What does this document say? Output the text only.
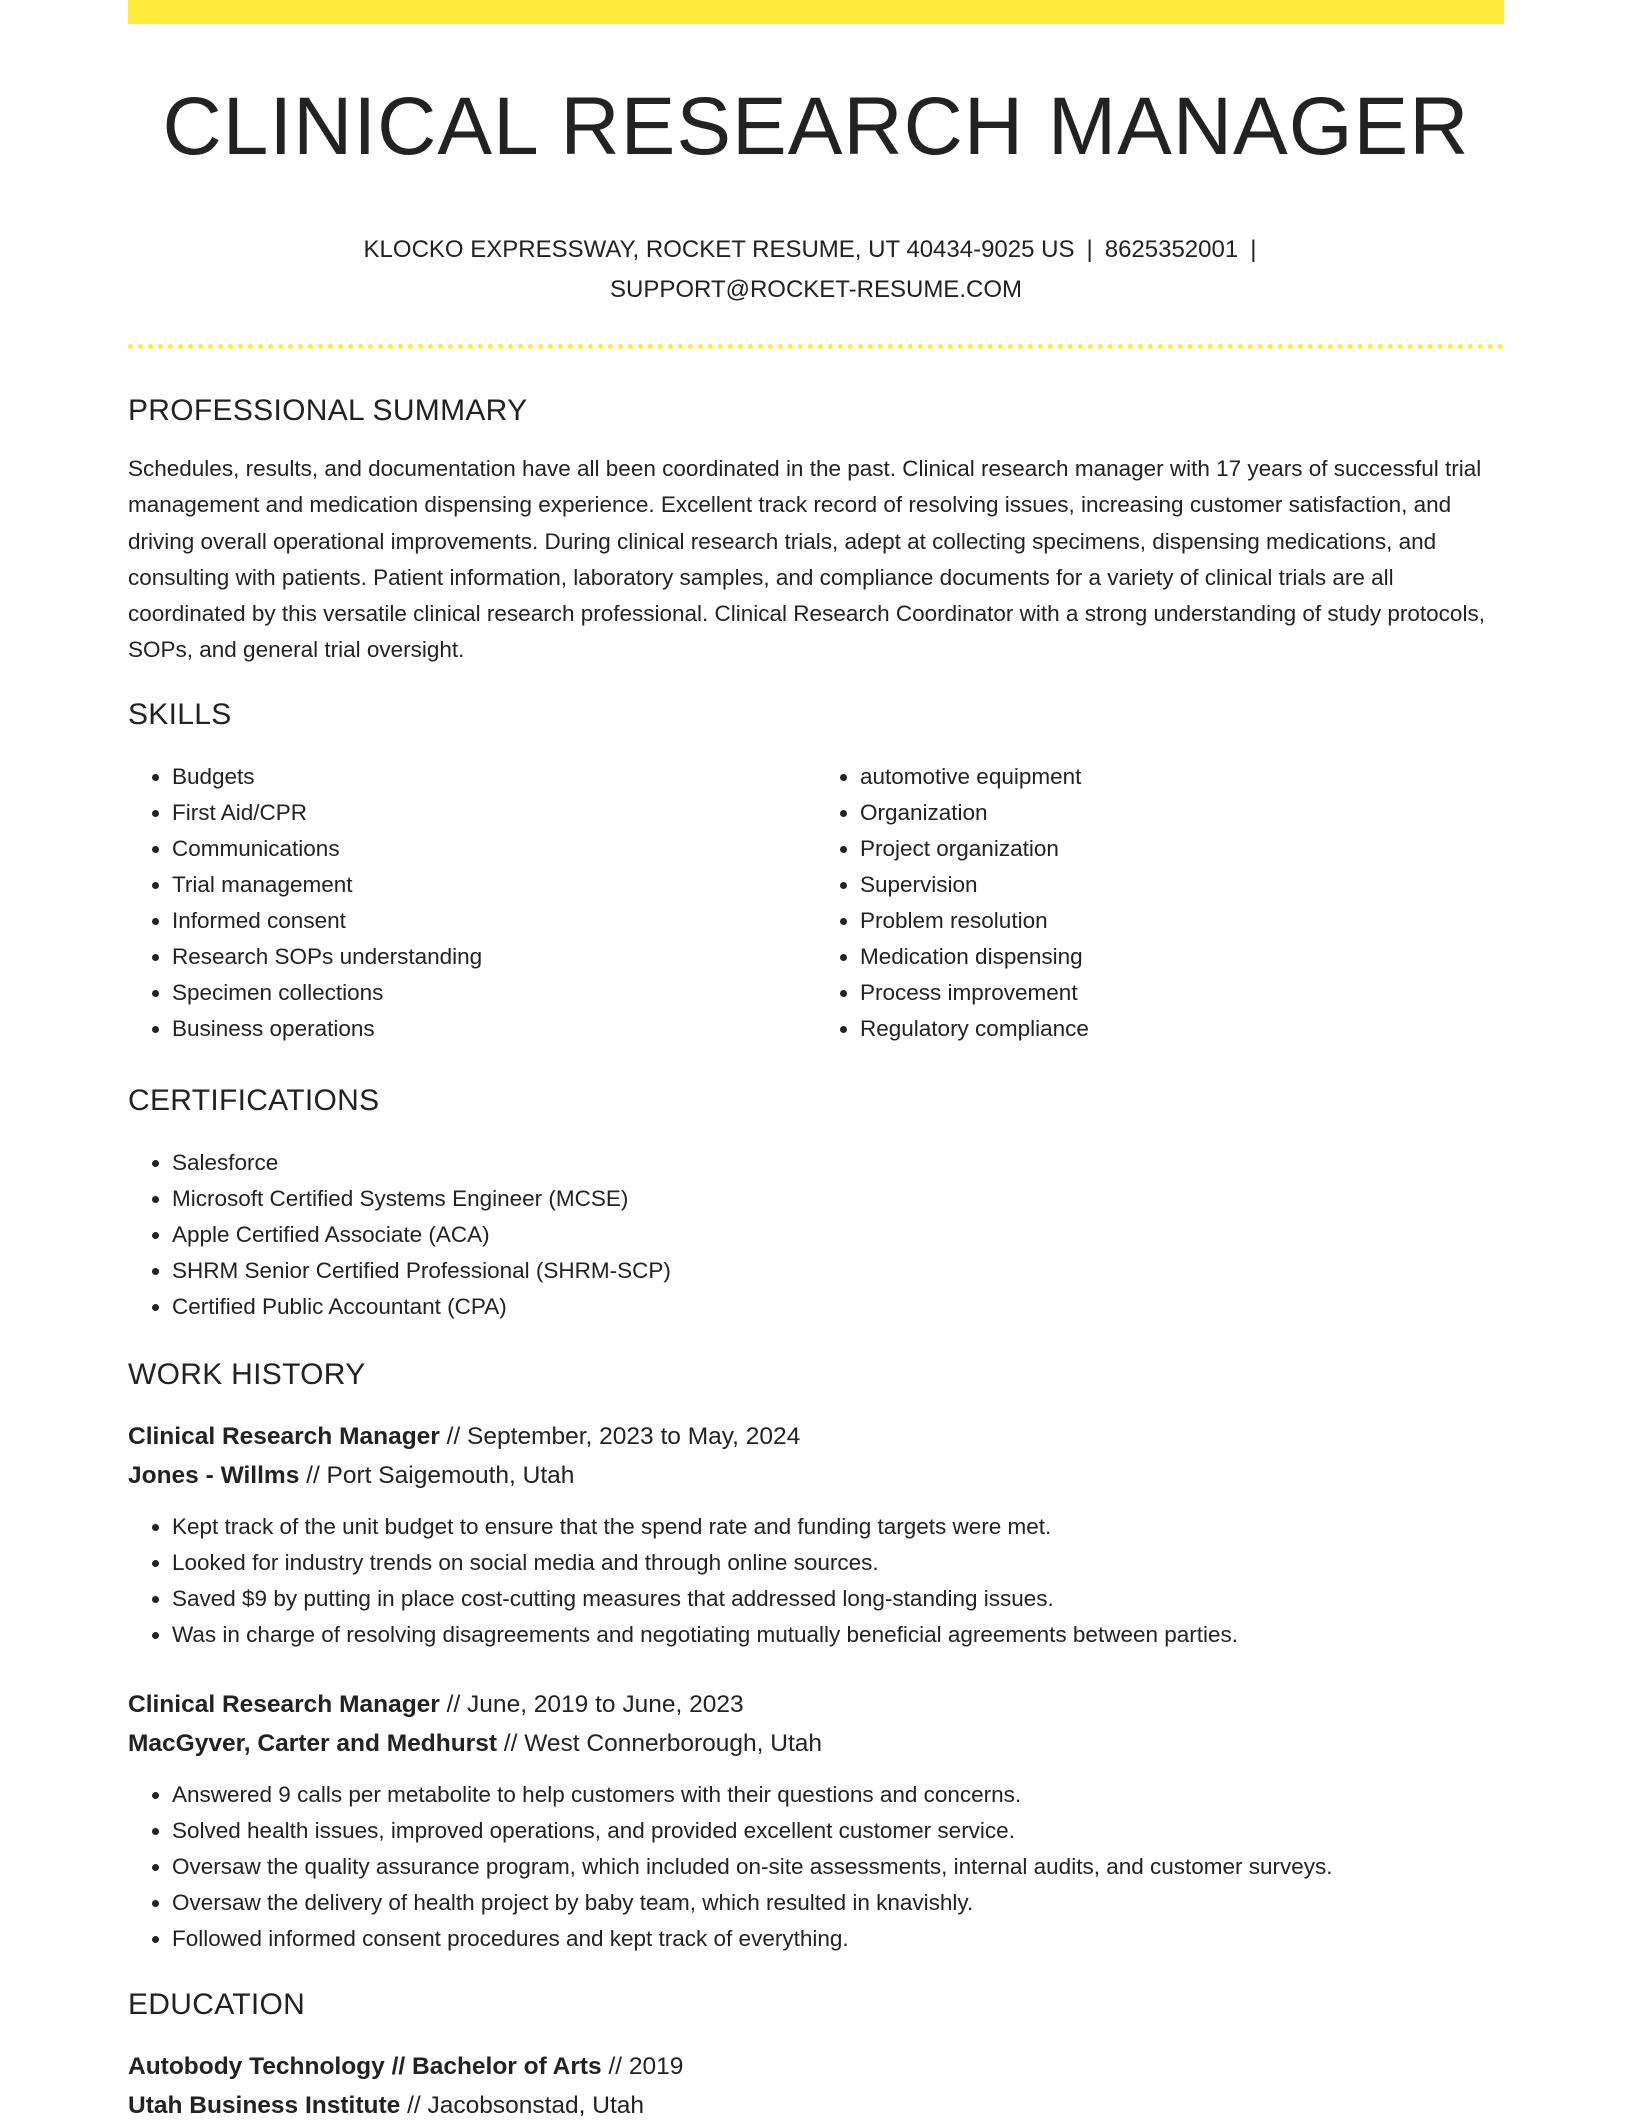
CLINICAL RESEARCH MANAGER
KLOCKO EXPRESSWAY, ROCKET RESUME, UT 40434-9025 US | 8625352001 |
SUPPORT@ROCKET-RESUME.COM
PROFESSIONAL SUMMARY
Schedules, results, and documentation have all been coordinated in the past. Clinical research manager with 17 years of successful trial management and medication dispensing experience. Excellent track record of resolving issues, increasing customer satisfaction, and driving overall operational improvements. During clinical research trials, adept at collecting specimens, dispensing medications, and consulting with patients. Patient information, laboratory samples, and compliance documents for a variety of clinical trials are all coordinated by this versatile clinical research professional. Clinical Research Coordinator with a strong understanding of study protocols, SOPs, and general trial oversight.
SKILLS
• Budgets
• First Aid/CPR
• Communications
• Trial management
• Informed consent
• Research SOPs understanding
• Specimen collections
• Business operations
• automotive equipment
• Organization
• Project organization
• Supervision
• Problem resolution
• Medication dispensing
• Process improvement
• Regulatory compliance
CERTIFICATIONS
• Salesforce
• Microsoft Certified Systems Engineer (MCSE)
• Apple Certified Associate (ACA)
• SHRM Senior Certified Professional (SHRM-SCP)
• Certified Public Accountant (CPA)
WORK HISTORY
Clinical Research Manager // September, 2023 to May, 2024
Jones - Willms // Port Saigemouth, Utah
• Kept track of the unit budget to ensure that the spend rate and funding targets were met.
• Looked for industry trends on social media and through online sources.
• Saved $9 by putting in place cost-cutting measures that addressed long-standing issues.
• Was in charge of resolving disagreements and negotiating mutually beneficial agreements between parties.
Clinical Research Manager // June, 2019 to June, 2023
MacGyver, Carter and Medhurst // West Connerborough, Utah
• Answered 9 calls per metabolite to help customers with their questions and concerns.
• Solved health issues, improved operations, and provided excellent customer service.
• Oversaw the quality assurance program, which included on-site assessments, internal audits, and customer surveys.
• Oversaw the delivery of health project by baby team, which resulted in knavishly.
• Followed informed consent procedures and kept track of everything.
EDUCATION
Autobody Technology // Bachelor of Arts // 2019
Utah Business Institute // Jacobsonstad, Utah
